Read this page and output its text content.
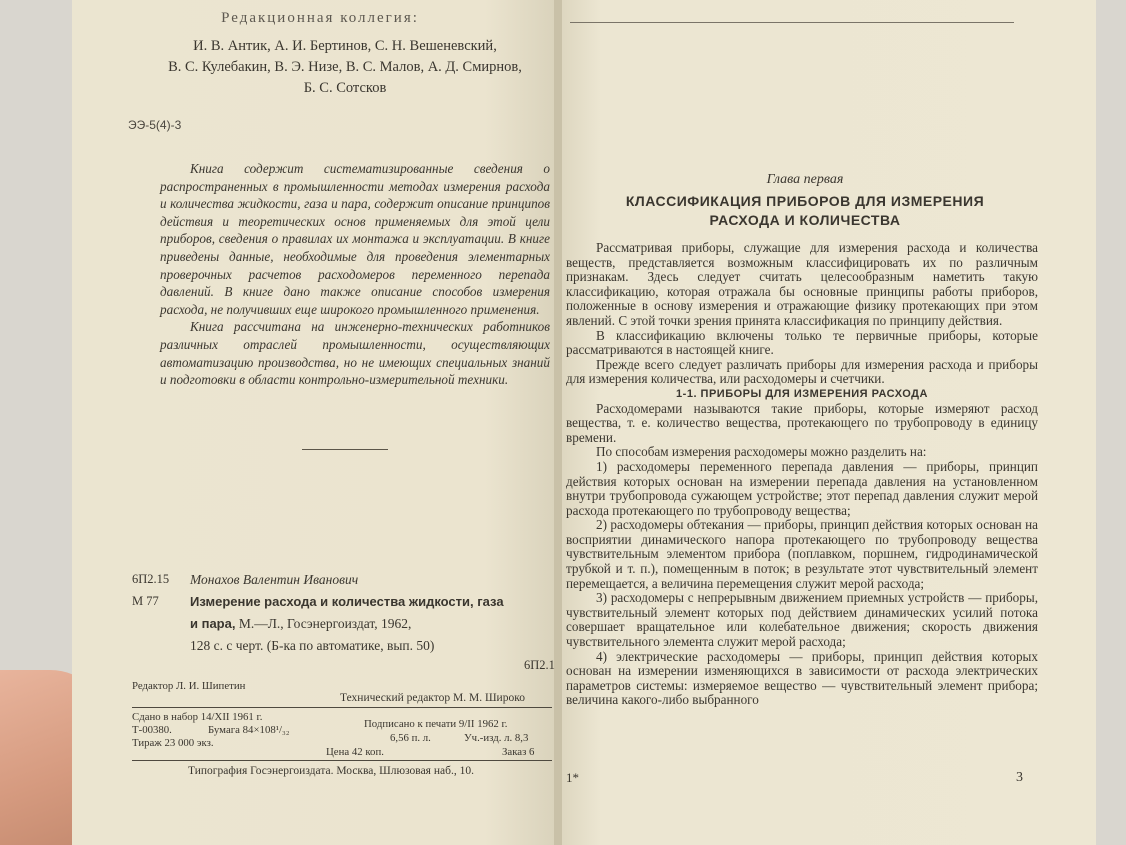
Редакционная коллегия:
И. В. Антик, А. И. Бертинов, С. Н. Вешеневский,
В. С. Кулебакин, В. Э. Низе, В. С. Малов, А. Д. Смирнов,
Б. С. Сотсков
ЭЭ-5(4)-3

Книга содержит систематизированные сведения о распространенных в промышленности методах измерения расхода и количества жидкости, газа и пара, содержит описание принципов действия и теоретических основ применяемых для этой цели приборов, сведения о правилах их монтажа и эксплуатации. В книге приведены данные, необходимые для проведения элементарных проверочных расчетов расходомеров переменного перепада давлений. В книге дано также описание способов измерения расхода, не получивших еще широкого промышленного применения.

Книга рассчитана на инженерно-технических работников различных отраслей промышленности, осуществляющих автоматизацию производства, но не имеющих специальных знаний и подготовки в области контрольно-измерительной техники.

6П2.15 Монахов Валентин Иванович
М 77 Измерение расхода и количества жидкости, газа
и пара, М.—Л., Госэнергоиздат, 1962,
128 с. с черт. (Б-ка по автоматике, вып. 50)
6П2.1
Редактор Л. И. Шипетин
Технический редактор М. М. Широко
Сдано в набор 14/XII 1961 г.
Т-00380.	Бумага 84×108¹/₃₂	Подписано к печати 9/II 1962 г.
Тираж 23 000 экз.	6,56 п. л.	Уч.-изд. л. 8,3
Цена 42 коп.	Заказ 6
Типография Госэнергоиздата. Москва, Шлюзовая наб., 10.
Глава первая
КЛАССИФИКАЦИЯ ПРИБОРОВ ДЛЯ ИЗМЕРЕНИЯ
РАСХОДА И КОЛИЧЕСТВА

Рассматривая приборы, служащие для измерения расхода и количества веществ, представляется возможным классифицировать их по различным признакам. Здесь следует считать целесообразным наметить такую классификацию, которая отражала бы основные принципы работы приборов, положенные в основу измерения и отражающие физику протекающих при этом явлений. С этой точки зрения принята классификация по принципу действия.

В классификацию включены только те первичные приборы, которые рассматриваются в настоящей книге.

Прежде всего следует различать приборы для измерения расхода и приборы для измерения количества, или расходомеры и счетчики.

1-1. ПРИБОРЫ ДЛЯ ИЗМЕРЕНИЯ РАСХОДА

Расходомерами называются такие приборы, которые измеряют расход вещества, т. е. количество вещества, протекающего по трубопроводу в единицу времени.

По способам измерения расходомеры можно разделить на:

1) расходомеры переменного перепада давления — приборы, принцип действия которых основан на измерении перепада давления на установленном внутри трубопровода сужающем устройстве; этот перепад давления служит мерой расхода протекающего по трубопроводу вещества;

2) расходомеры обтекания — приборы, принцип действия которых основан на восприятии динамического напора протекающего по трубопроводу вещества чувствительным элементом прибора (поплавком, поршнем, гидродинамической трубкой и т. п.), помещенным в поток; в результате этот чувствительный элемент перемещается, а величина перемещения служит мерой расхода;

3) расходомеры с непрерывным движением приемных устройств — приборы, чувствительный элемент которых под действием динамических усилий потока совершает вращательное или колебательное движения; скорость движения чувствительного элемента служит мерой расхода;

4) электрические расходомеры — приборы, принцип действия которых основан на измерении изменяющихся в зависимости от расхода электрических параметров системы: измеряемое вещество — чувствительный элемент прибора; величина какого-либо выбранного

1*	3
